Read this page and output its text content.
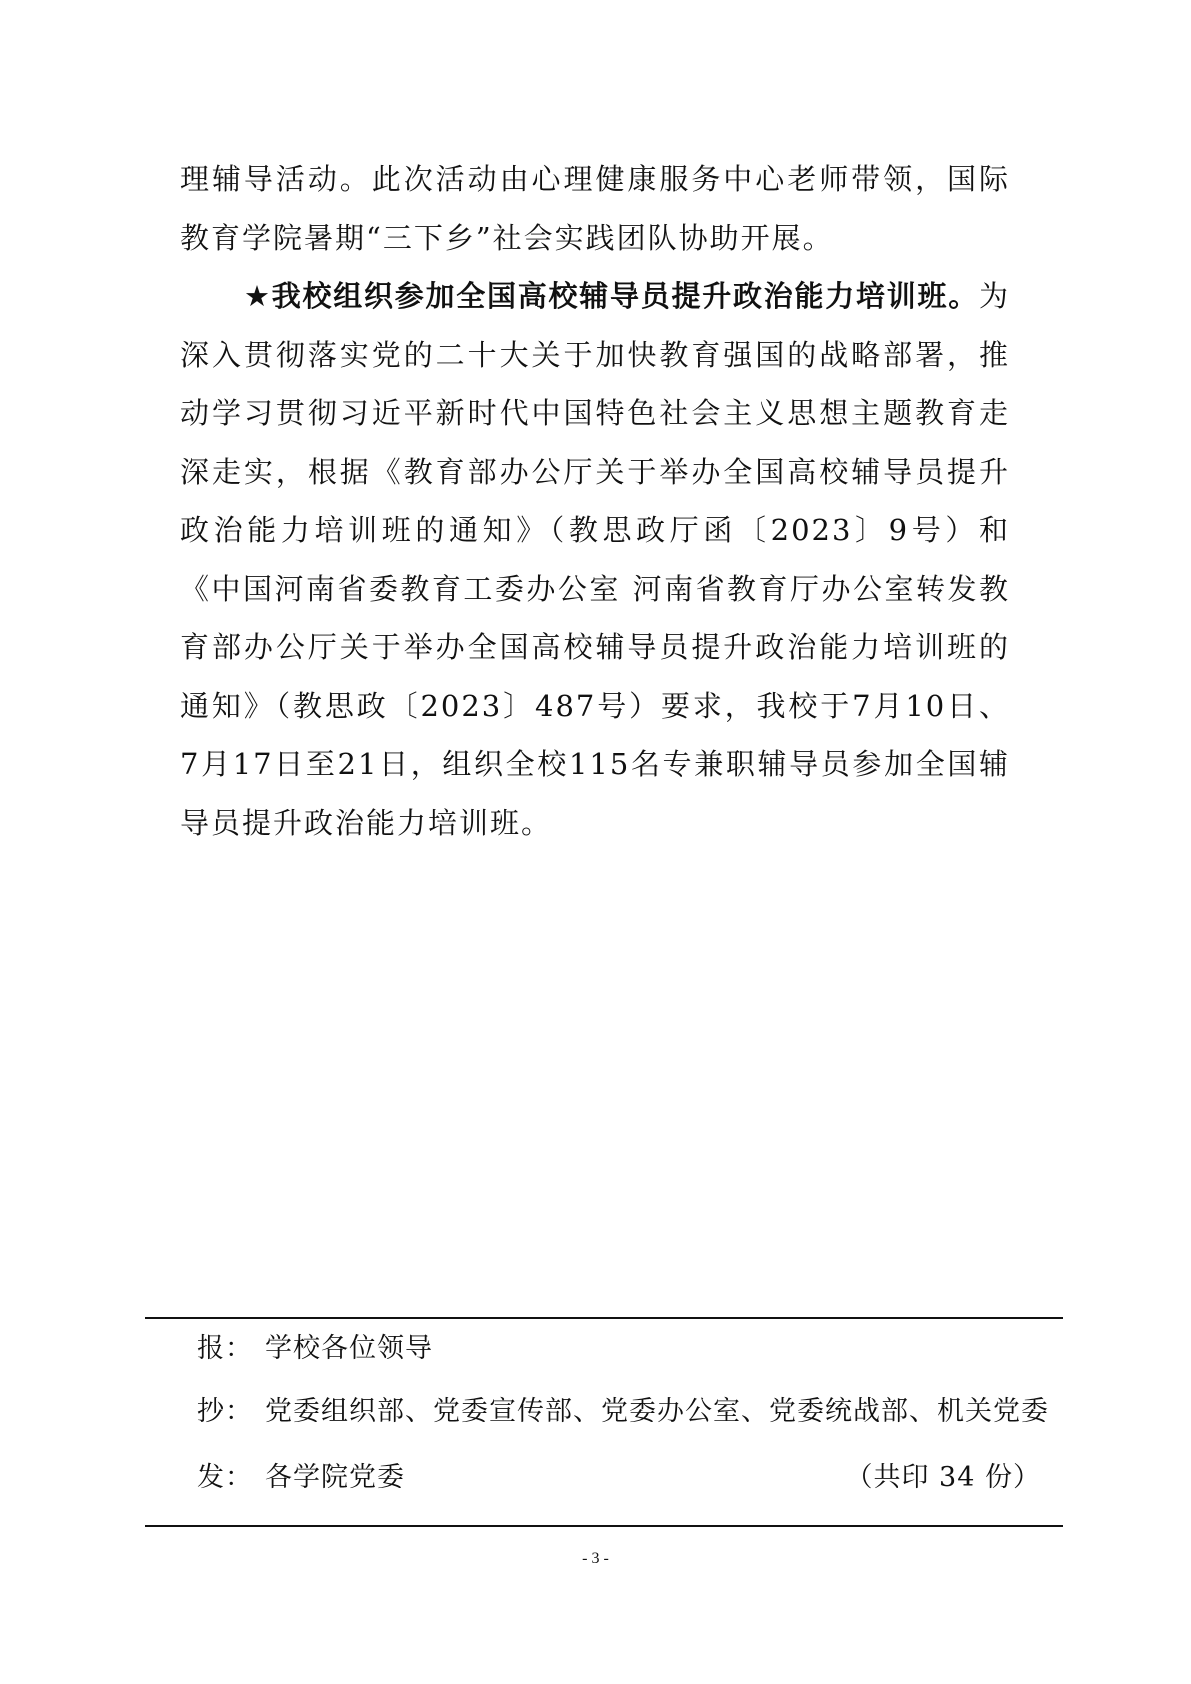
理辅导活动。此次活动由心理健康服务中心老师带领，国际教育学院暑期“三下乡”社会实践团队协助开展。

★我校组织参加全国高校辅导员提升政治能力培训班。为深入贯彻落实党的二十大关于加快教育强国的战略部署，推动学习贯彻习近平新时代中国特色社会主义思想主题教育走深走实，根据《教育部办公厅关于举办全国高校辅导员提升政治能力培训班的通知》（教思政厅函〔2023〕9号）和《中国河南省委教育工委办公室 河南省教育厅办公室转发教育部办公厅关于举办全国高校辅导员提升政治能力培训班的通知》（教思政〔2023〕487号）要求，我校于7月10日、7月17日至21日，组织全校115名专兼职辅导员参加全国辅导员提升政治能力培训班。

报： 学校各位领导
抄： 党委组织部、党委宣传部、党委办公室、党委统战部、机关党委
发： 各学院党委	（共印 34 份）
- 3 -
